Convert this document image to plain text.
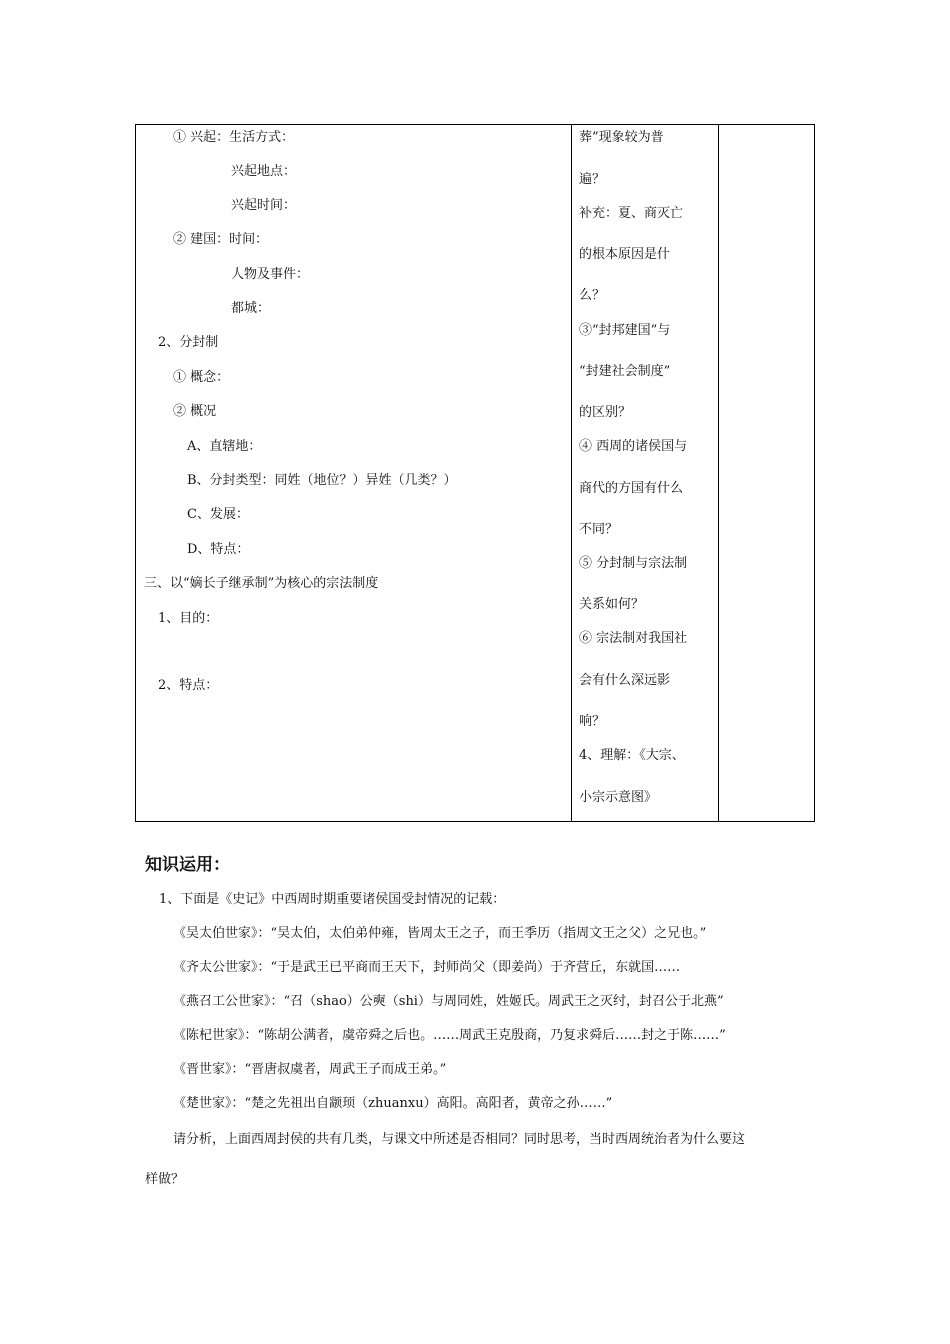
① 兴起：生活方式：
兴起地点：
兴起时间：
② 建国：时间：
人物及事件：
都城：
2、分封制
① 概念：
② 概况
A、直辖地：
B、分封类型：同姓（地位？）异姓（几类？）
C、发展：
D、特点：
三、以“嫡长子继承制”为核心的宗法制度
1、目的：
2、特点：
葬”现象较为普
遍？
补充：夏、商灭亡
的根本原因是什
么？
③“封邦建国”与
“封建社会制度”
的区别？
④ 西周的诸侯国与
商代的方国有什么
不同？
⑤ 分封制与宗法制
关系如何？
⑥ 宗法制对我国社
会有什么深远影
响？
4、理解：《大宗、
小宗示意图》
知识运用：
1、下面是《史记》中西周时期重要诸侯国受封情况的记载：
《吴太伯世家》：“吴太伯，太伯弟仲雍，皆周太王之子，而王季历（指周文王之父）之兄也。”
《齐太公世家》：“于是武王已平商而王天下，封师尚父（即姜尚）于齐营丘，东就国……
《燕召工公世家》：“召（shao）公奭（shi）与周同姓，姓姬氏。周武王之灭纣，封召公于北燕”
《陈杞世家》：“陈胡公满者，虞帝舜之后也。……周武王克殷商，乃复求舜后……封之于陈……”
《晋世家》：“晋唐叔虞者，周武王子而成王弟。”
《楚世家》：“楚之先祖出自颛顼（zhuanxu）高阳。高阳者，黄帝之孙……”
请分析，上面西周封侯的共有几类，与课文中所述是否相同？同时思考，当时西周统治者为什么要这
样做？
